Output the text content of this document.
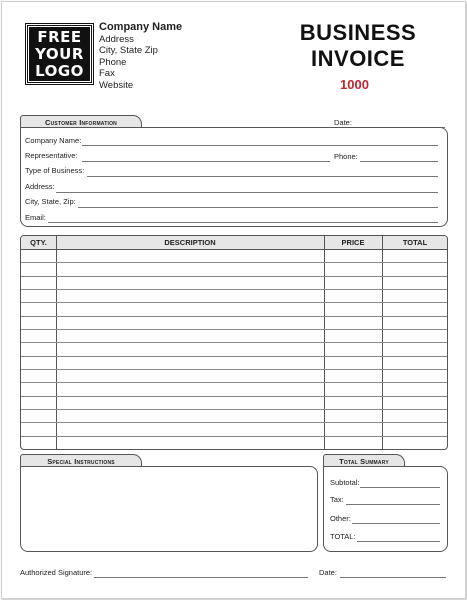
FREE
YOUR
LOGO
Company Name
Address
City, State Zip
Phone
Fax
Website
BUSINESS
INVOICE
1000
Customer Information	Date:
Company Name:
Representative:	Phone:
Type of Business:
Address:
City, State, Zip:
Email:
QTY.	DESCRIPTION	PRICE	TOTAL
Special Instructions	Total Summary
Subtotal:
Tax:
Other:
TOTAL:
Authorized Signature:	Date:
